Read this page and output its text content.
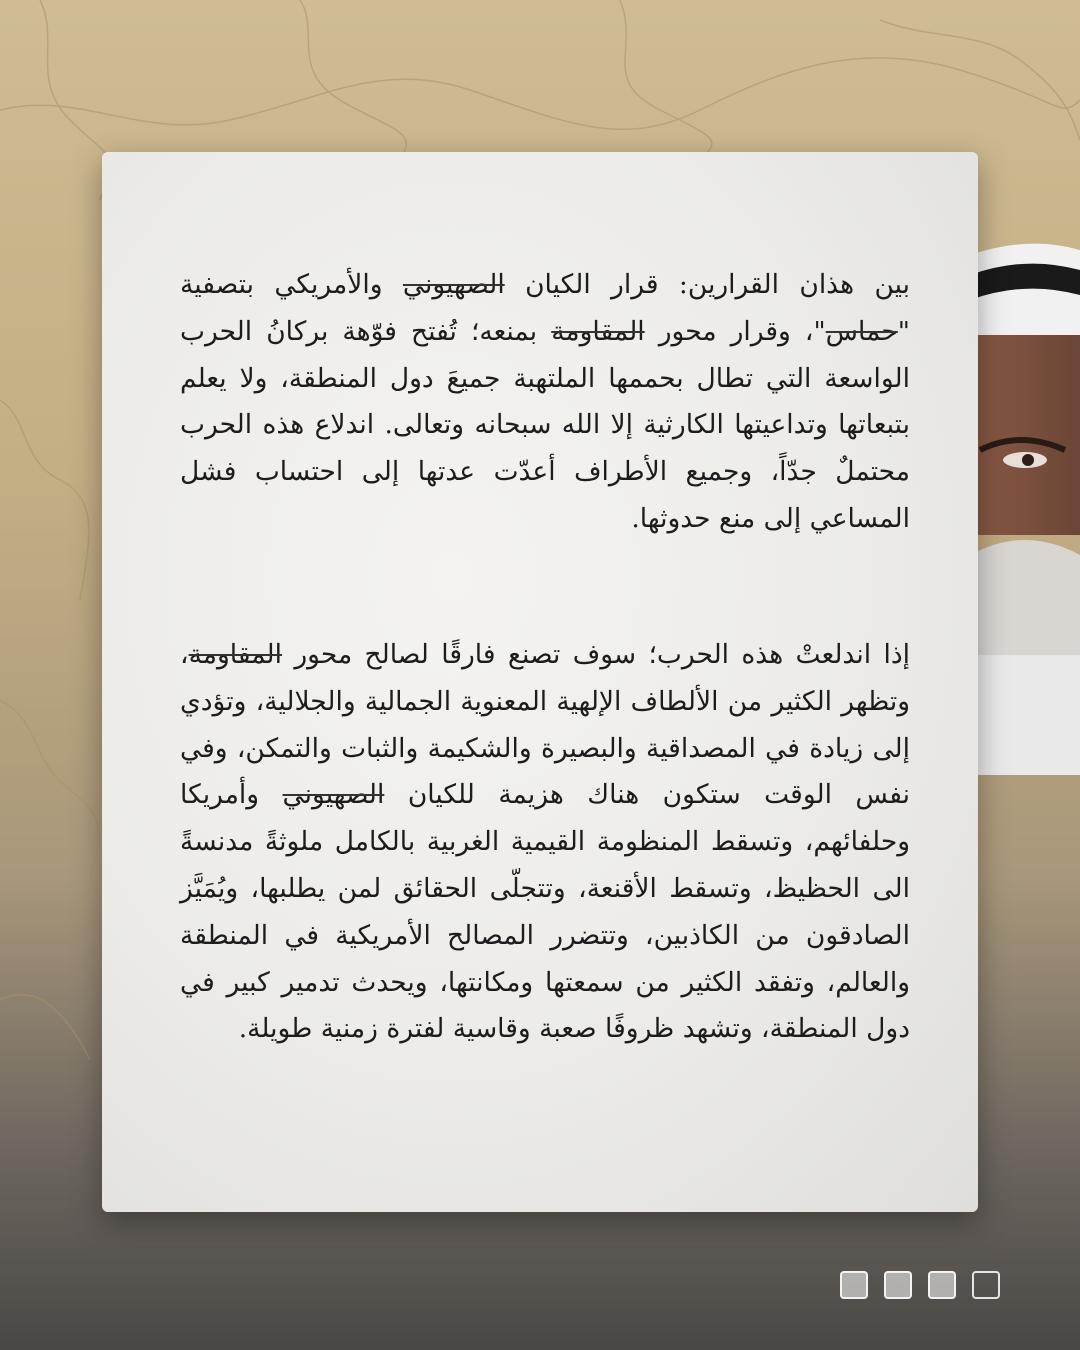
بين هذان القرارين: قرار الكيان الصهيوني والأمريكي بتصفية "حماس"، وقرار محور المقاومة بمنعه؛ تُفتح فوّهة بركانُ الحرب الواسعة التي تطال بحممها الملتهبة جميعَ دول المنطقة، ولا يعلم بتبعاتها وتداعيتها الكارثية إلا الله سبحانه وتعالى. اندلاع هذه الحرب محتملٌ جدّاً، وجميع الأطراف أعدّت عدتها إلى احتساب فشل المساعي إلى منع حدوثها.
إذا اندلعتْ هذه الحرب؛ سوف تصنع فارقًا لصالح محور المقاومة، وتظهر الكثير من الألطاف الإلهية المعنوية الجمالية والجلالية، وتؤدي إلى زيادة في المصداقية والبصيرة والشكيمة والثبات والتمكن، وفي نفس الوقت ستكون هناك هزيمة للكيان الصهيوني وأمريكا وحلفائهم، وتسقط المنظومة القيمية الغربية بالكامل ملوثةً مدنسةً الى الحظيظ، وتسقط الأقنعة، وتتجلّى الحقائق لمن يطلبها، ويُمَيَّز الصادقون من الكاذبين، وتتضرر المصالح الأمريكية في المنطقة والعالم، وتفقد الكثير من سمعتها ومكانتها، ويحدث تدمير كبير في دول المنطقة، وتشهد ظروفًا صعبة وقاسية لفترة زمنية طويلة.
